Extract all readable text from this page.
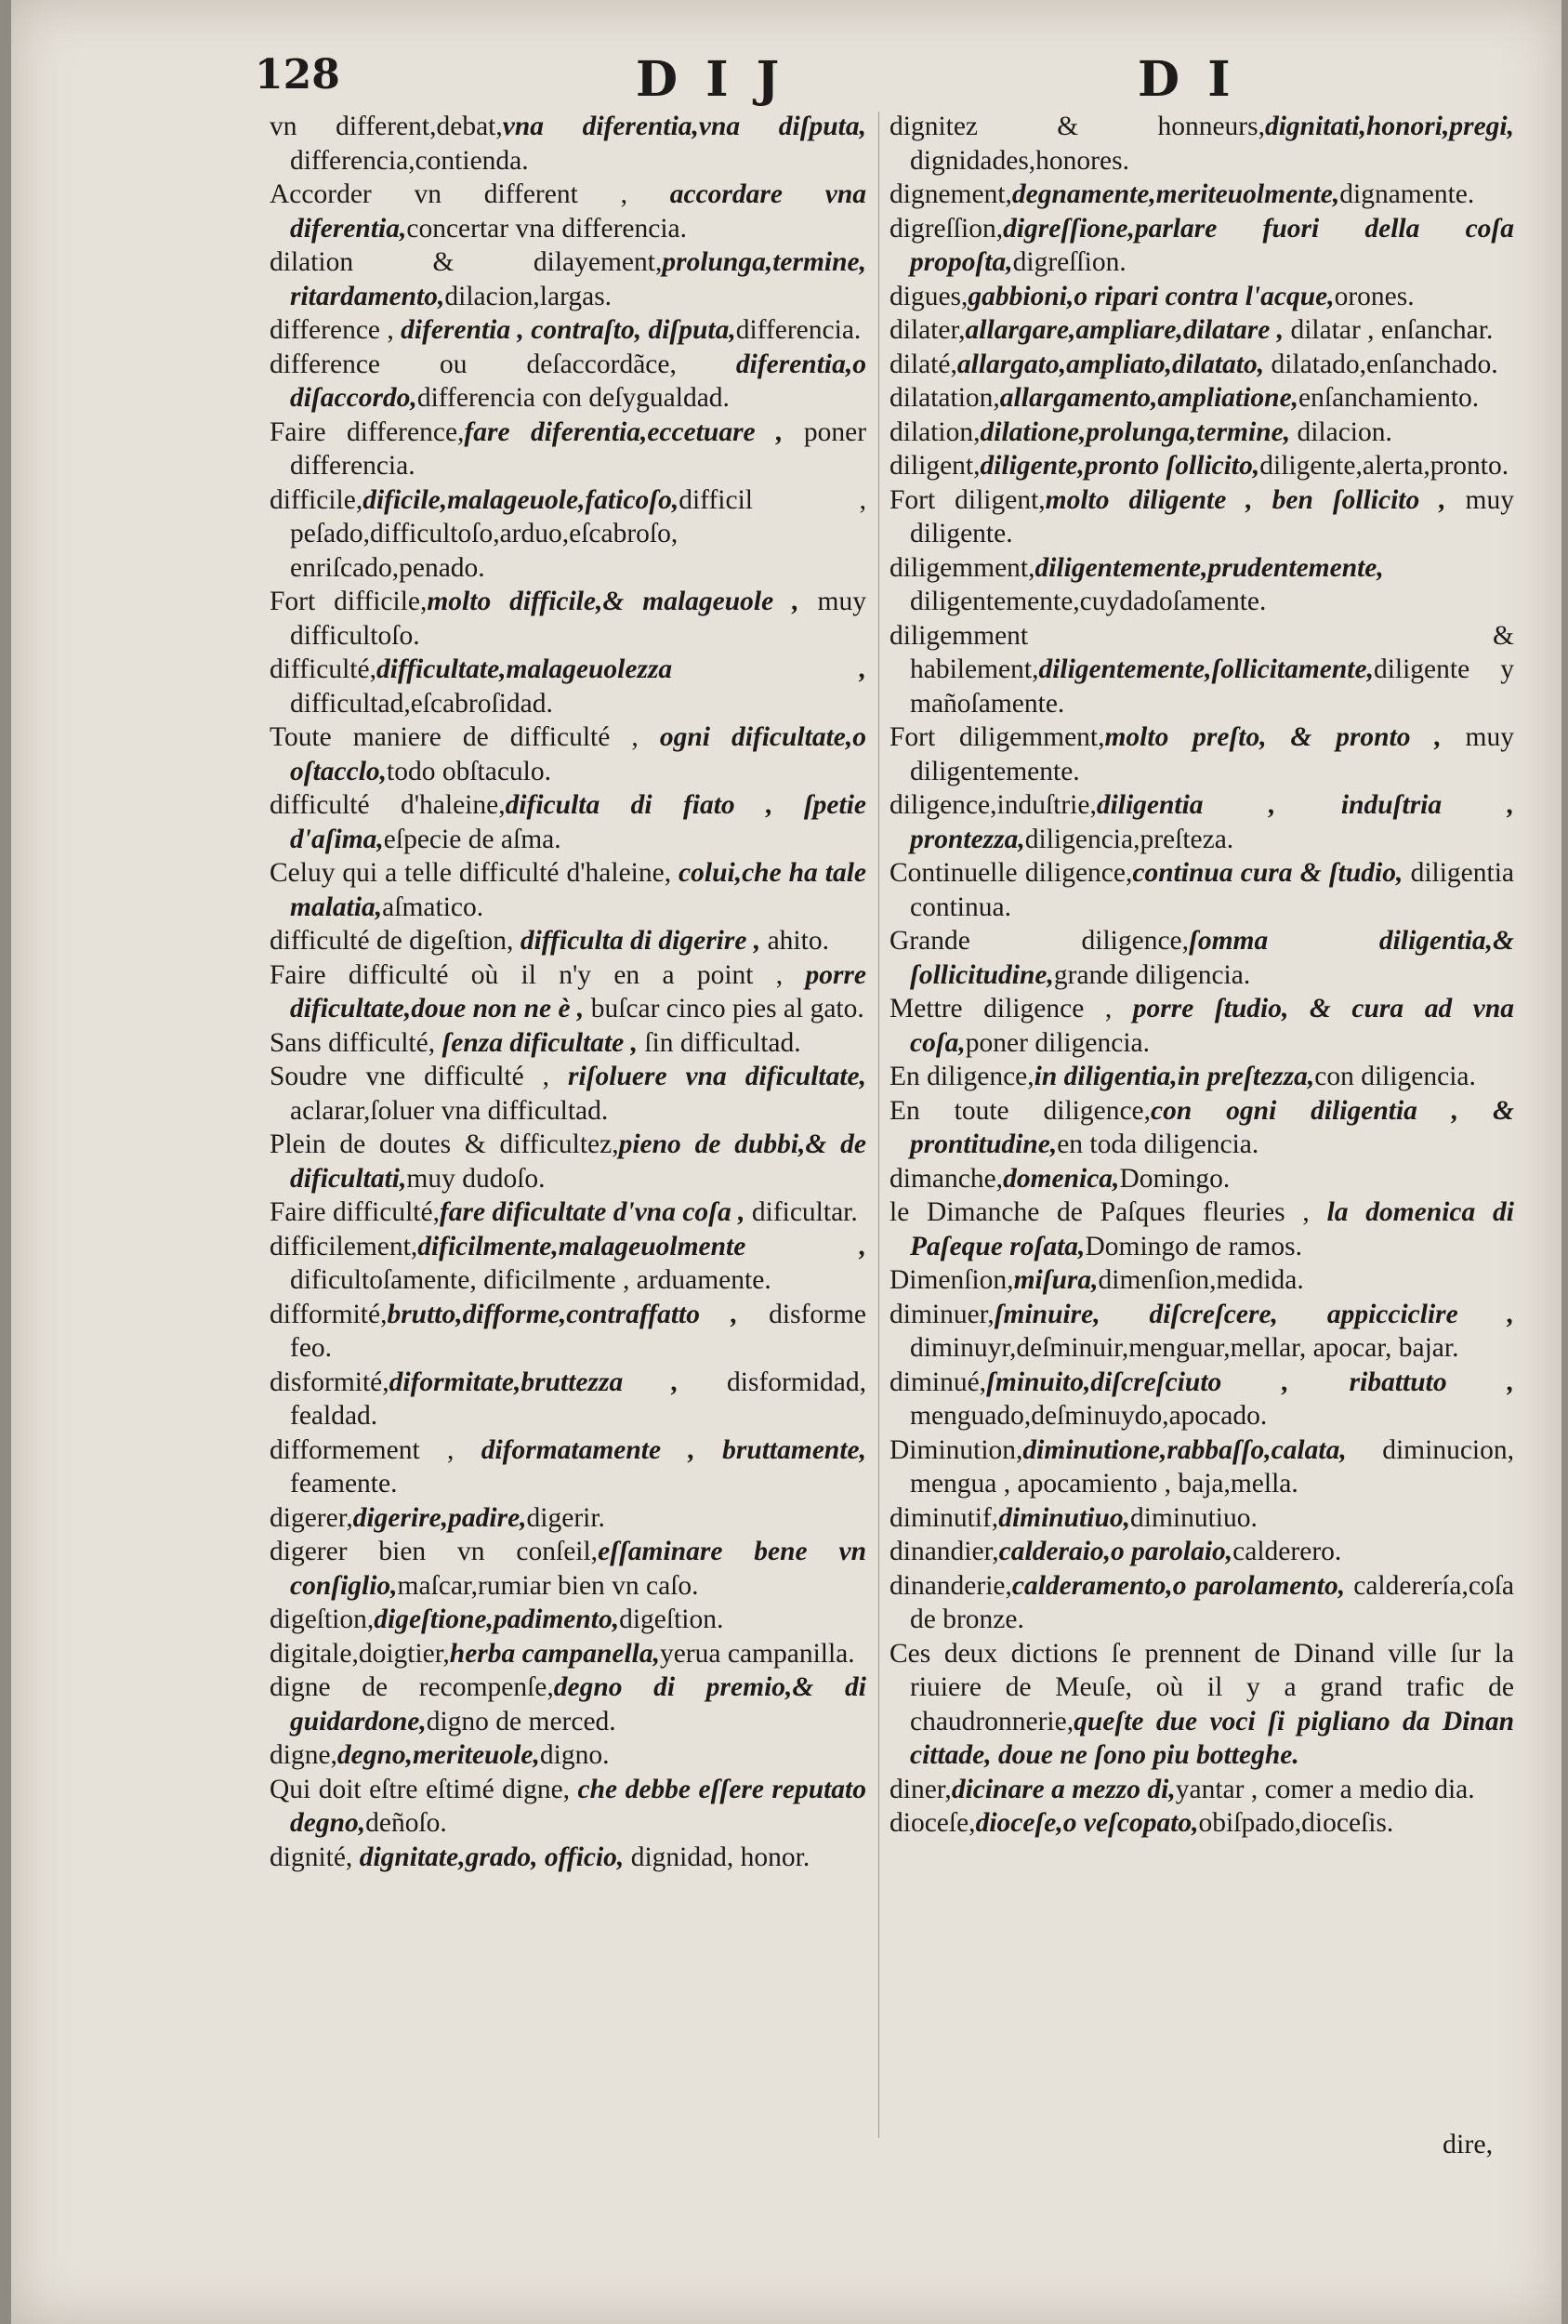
128	D I J	D I

vn different,debat,vna diferentia,vna diſputa, differencia,contienda.

Accorder vn different , accordare vna diferentia,concertar vna differencia.

dilation & dilayement,prolunga,termine, ritardamento,dilacion,largas.

difference , diferentia , contraſto, diſputa,differencia.

difference ou deſaccordãce, diferentia,o diſaccordo,differencia con deſygualdad.

Faire difference,fare diferentia,eccetuare , poner differencia.

difficile,dificile,malageuole,faticoſo,difficil , peſado,difficultoſo,arduo,eſcabroſo, enriſcado,penado.

Fort difficile,molto difficile,& malageuole , muy difficultoſo.

difficulté,difficultate,malageuolezza , difficultad,eſcabroſidad.

Toute maniere de difficulté , ogni dificultate,o oſtacclo,todo obſtaculo.

difficulté d'haleine,dificulta di fiato , ſpetie d'aſima,eſpecie de aſma.

Celuy qui a telle difficulté d'haleine, colui,che ha tale malatia,aſmatico.

difficulté de digeſtion, difficulta di digerire , ahito.

Faire difficulté où il n'y en a point , porre dificultate,doue non ne è , buſcar cinco pies al gato.

Sans difficulté, ſenza dificultate , ſin difficultad.

Soudre vne difficulté , riſoluere vna dificultate, aclarar,ſoluer vna difficultad.

Plein de doutes & difficultez,pieno de dubbi,& de dificultati,muy dudoſo.

Faire difficulté,fare dificultate d'vna coſa , dificultar.

difficilement,dificilmente,malageuolmente , dificultoſamente, dificilmente , arduamente.

difformité,brutto,difforme,contraffatto , disforme feo.

disformité,diformitate,bruttezza , disformidad, fealdad.

difformement , diformatamente , bruttamente, feamente.

digerer,digerire,padire,digerir.

digerer bien vn conſeil,eſſaminare bene vn conſiglio,maſcar,rumiar bien vn caſo.

digeſtion,digeſtione,padimento,digeſtion.

digitale,doigtier,herba campanella,yerua campanilla.

digne de recompenſe,degno di premio,& di guidardone,digno de merced.

digne,degno,meriteuole,digno.

Qui doit eſtre eſtimé digne, che debbe eſſere reputato degno,deñoſo.

dignité, dignitate,grado, officio, dignidad, honor.

dignitez & honneurs,dignitati,honori,pregi, dignidades,honores.

dignement,degnamente,meriteuolmente,dignamente.

digreſſion,digreſſione,parlare fuori della coſa propoſta,digreſſion.

digues,gabbioni,o ripari contra l'acque,orones.

dilater,allargare,ampliare,dilatare , dilatar , enſanchar.

dilaté,allargato,ampliato,dilatato, dilatado,enſanchado.

dilatation,allargamento,ampliatione,enſanchamiento.

dilation,dilatione,prolunga,termine, dilacion.

diligent,diligente,pronto ſollicito,diligente,alerta,pronto.

Fort diligent,molto diligente , ben ſollicito , muy diligente.

diligemment,diligentemente,prudentemente, diligentemente,cuydadoſamente.

diligemment & habilement,diligentemente,ſollicitamente,diligente y mañoſamente.

Fort diligemment,molto preſto, & pronto , muy diligentemente.

diligence,induſtrie,diligentia , induſtria , prontezza,diligencia,preſteza.

Continuelle diligence,continua cura & ſtudio, diligentia continua.

Grande diligence,ſomma diligentia,& ſollicitudine,grande diligencia.

Mettre diligence , porre ſtudio, & cura ad vna coſa,poner diligencia.

En diligence,in diligentia,in preſtezza,con diligencia.

En toute diligence,con ogni diligentia , & prontitudine,en toda diligencia.

dimanche,domenica,Domingo.

le Dimanche de Paſques fleuries , la domenica di Paſeque roſata,Domingo de ramos.

Dimenſion,miſura,dimenſion,medida.

diminuer,ſminuire, diſcreſcere, appicciclire , diminuyr,deſminuir,menguar,mellar, apocar, bajar.

diminué,ſminuito,diſcreſciuto , ribattuto , menguado,deſminuydo,apocado.

Diminution,diminutione,rabbaſſo,calata, diminucion, mengua , apocamiento , baja,mella.

diminutif,diminutiuo,diminutiuo.

dinandier,calderaio,o parolaio,calderero.

dinanderie,calderamento,o parolamento, calderería,coſa de bronze.

Ces deux dictions ſe prennent de Dinand ville ſur la riuiere de Meuſe, où il y a grand trafic de chaudronnerie,queſte due voci ſi pigliano da Dinan cittade, doue ne ſono piu botteghe.

diner,dicinare a mezzo di,yantar , comer a medio dia.

dioceſe,dioceſe,o veſcopato,obiſpado,dioceſis.

dire,
